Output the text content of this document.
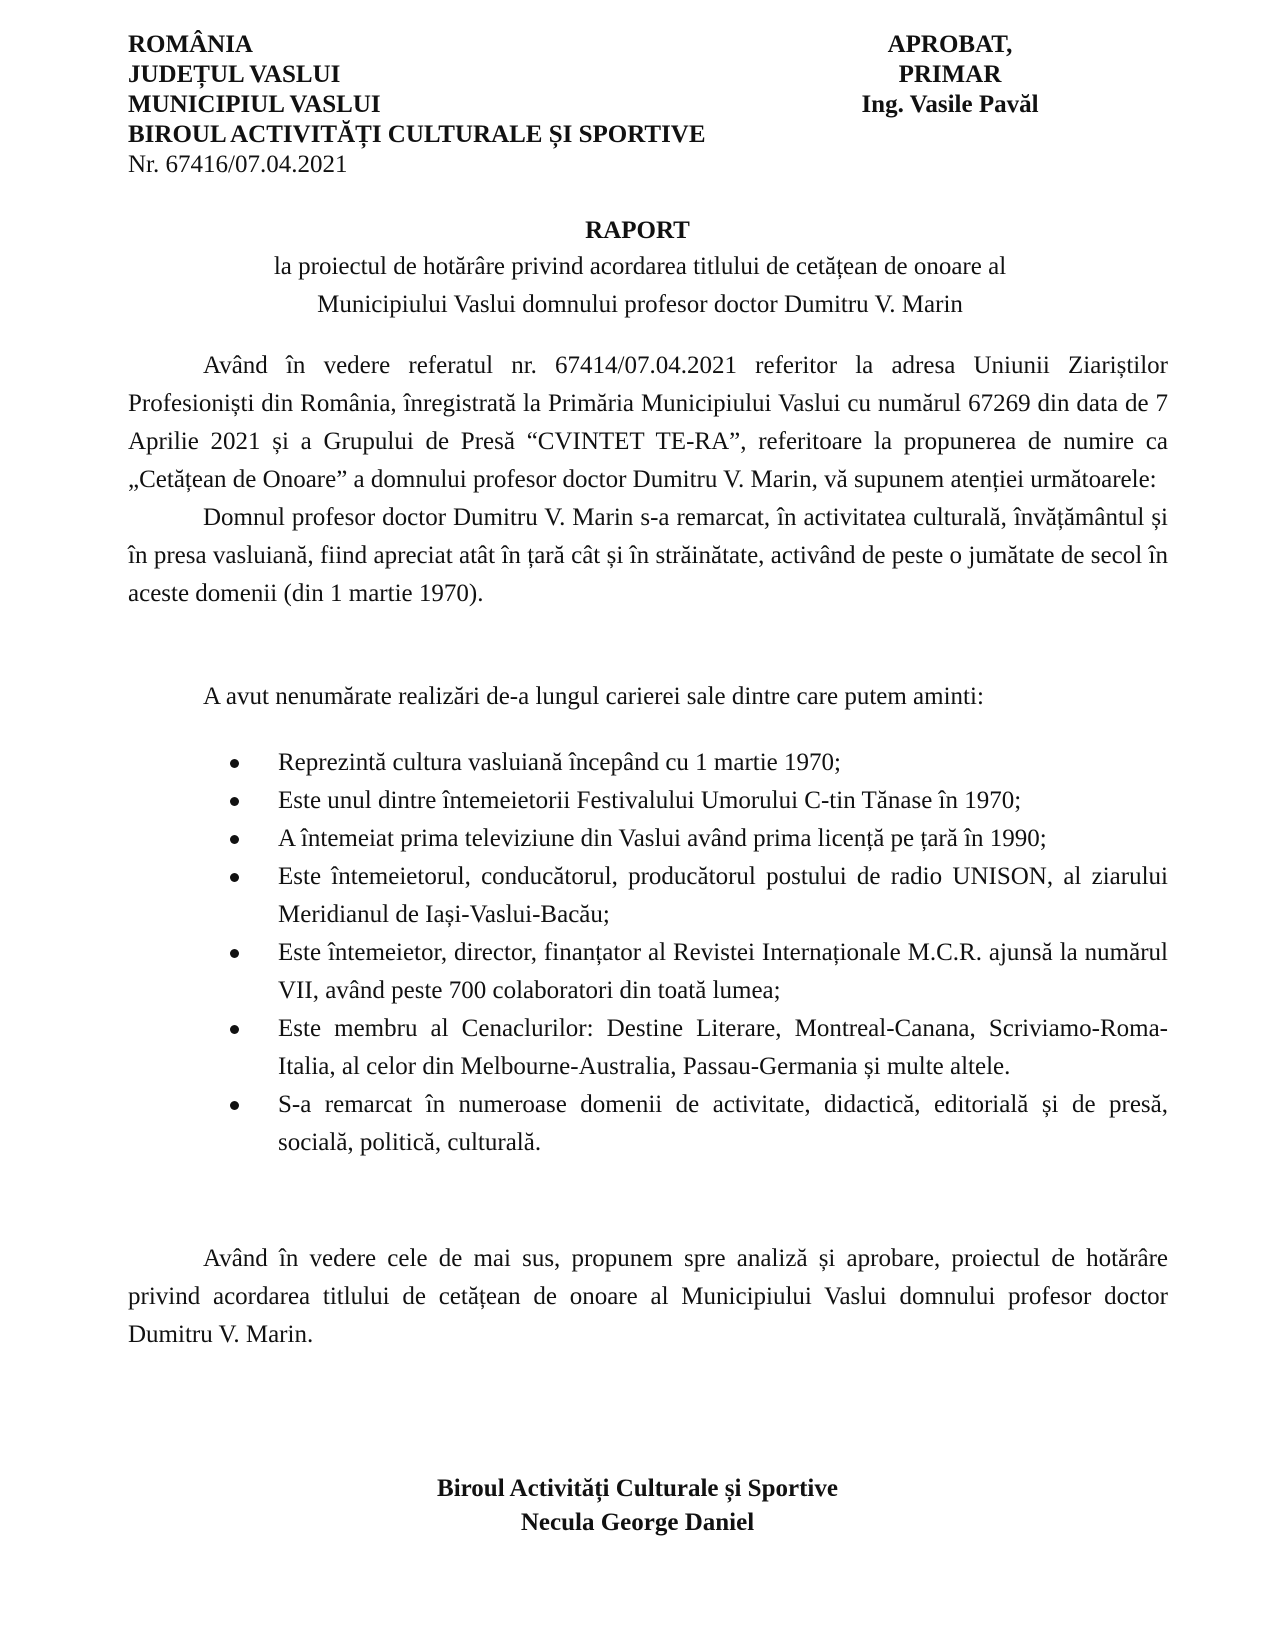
ROMÂNIA
JUDEȚUL VASLUI
MUNICIPIUL VASLUI
BIROUL ACTIVITĂȚI CULTURALE ȘI SPORTIVE
Nr. 67416/07.04.2021
APROBAT,
PRIMAR
Ing. Vasile Pavăl
RAPORT
la proiectul de hotărâre privind acordarea titlului de cetățean de onoare al
Municipiului Vaslui domnului profesor doctor Dumitru V. Marin

Având în vedere referatul nr. 67414/07.04.2021 referitor la adresa Uniunii Ziariștilor Profesioniști din România, înregistrată la Primăria Municipiului Vaslui cu numărul 67269 din data de 7 Aprilie 2021 și a Grupului de Presă “CVINTET TE-RA”, referitoare la propunerea de numire ca „Cetățean de Onoare” a domnului profesor doctor Dumitru V. Marin, vă supunem atenției următoarele:

Domnul profesor doctor Dumitru V. Marin s-a remarcat, în activitatea culturală, învățământul și în presa vasluiană, fiind apreciat atât în țară cât și în străinătate, activând de peste o jumătate de secol în aceste domenii (din 1 martie 1970).

A avut nenumărate realizări de-a lungul carierei sale dintre care putem aminti:

Reprezintă cultura vasluiană începând cu 1 martie 1970;
Este unul dintre întemeietorii Festivalului Umorului C-tin Tănase în 1970;
A întemeiat prima televiziune din Vaslui având prima licență pe țară în 1990;
Este întemeietorul, conducătorul, producătorul postului de radio UNISON, al ziarului Meridianul de Iași-Vaslui-Bacău;
Este întemeietor, director, finanțator al Revistei Internaționale M.C.R. ajunsă la numărul VII, având peste 700 colaboratori din toată lumea;
Este membru al Cenaclurilor: Destine Literare, Montreal-Canana, Scriviamo-Roma-Italia, al celor din Melbourne-Australia, Passau-Germania și multe altele.
S-a remarcat în numeroase domenii de activitate, didactică, editorială și de presă, socială, politică, culturală.

Având în vedere cele de mai sus, propunem spre analiză și aprobare, proiectul de hotărâre privind acordarea titlului de cetățean de onoare al Municipiului Vaslui domnului profesor doctor Dumitru V. Marin.

Biroul Activități Culturale și Sportive
Necula George Daniel
